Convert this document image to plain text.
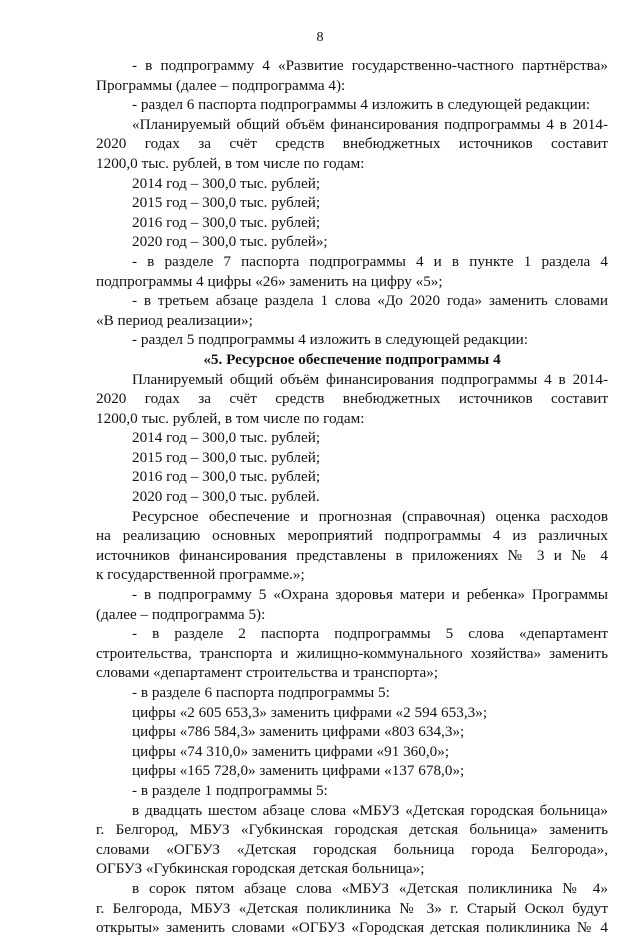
8
- в подпрограмму 4 «Развитие государственно-частного партнёрства»
Программы (далее – подпрограмма 4):
- раздел 6 паспорта подпрограммы 4 изложить в следующей редакции:
«Планируемый общий объём финансирования подпрограммы 4 в 2014-
2020 годах за счёт средств внебюджетных источников составит
1200,0 тыс. рублей, в том числе по годам:
2014 год – 300,0 тыс. рублей;
2015 год – 300,0 тыс. рублей;
2016 год – 300,0 тыс. рублей;
2020 год – 300,0 тыс. рублей»;
- в разделе 7 паспорта подпрограммы 4 и в пункте 1 раздела 4
подпрограммы 4 цифры «26» заменить на цифру «5»;
- в третьем абзаце раздела 1 слова «До 2020 года» заменить словами
«В период реализации»;
- раздел 5 подпрограммы 4 изложить в следующей редакции:
«5. Ресурсное обеспечение подпрограммы 4
Планируемый общий объём финансирования подпрограммы 4 в 2014-
2020 годах за счёт средств внебюджетных источников составит
1200,0 тыс. рублей, в том числе по годам:
2014 год – 300,0 тыс. рублей;
2015 год – 300,0 тыс. рублей;
2016 год – 300,0 тыс. рублей;
2020 год – 300,0 тыс. рублей.
Ресурсное обеспечение и прогнозная (справочная) оценка расходов
на реализацию основных мероприятий подпрограммы 4 из различных
источников финансирования представлены в приложениях № 3 и № 4
к государственной программе.»;
- в подпрограмму 5 «Охрана здоровья матери и ребенка» Программы
(далее – подпрограмма 5):
- в разделе 2 паспорта подпрограммы 5 слова «департамент
строительства, транспорта и жилищно-коммунального хозяйства» заменить
словами «департамент строительства и транспорта»;
- в разделе 6 паспорта подпрограммы 5:
цифры «2 605 653,3» заменить цифрами «2 594 653,3»;
цифры «786 584,3» заменить цифрами «803 634,3»;
цифры «74 310,0» заменить цифрами «91 360,0»;
цифры «165 728,0» заменить цифрами «137 678,0»;
- в разделе 1 подпрограммы 5:
в двадцать шестом абзаце слова «МБУЗ «Детская городская больница»
г. Белгород, МБУЗ «Губкинская городская детская больница» заменить
словами «ОГБУЗ «Детская городская больница города Белгорода»,
ОГБУЗ «Губкинская городская детская больница»;
в сорок пятом абзаце слова «МБУЗ «Детская поликлиника № 4»
г. Белгорода, МБУЗ «Детская поликлиника № 3» г. Старый Оскол будут
открыты» заменить словами «ОГБУЗ «Городская детская поликлиника № 4
